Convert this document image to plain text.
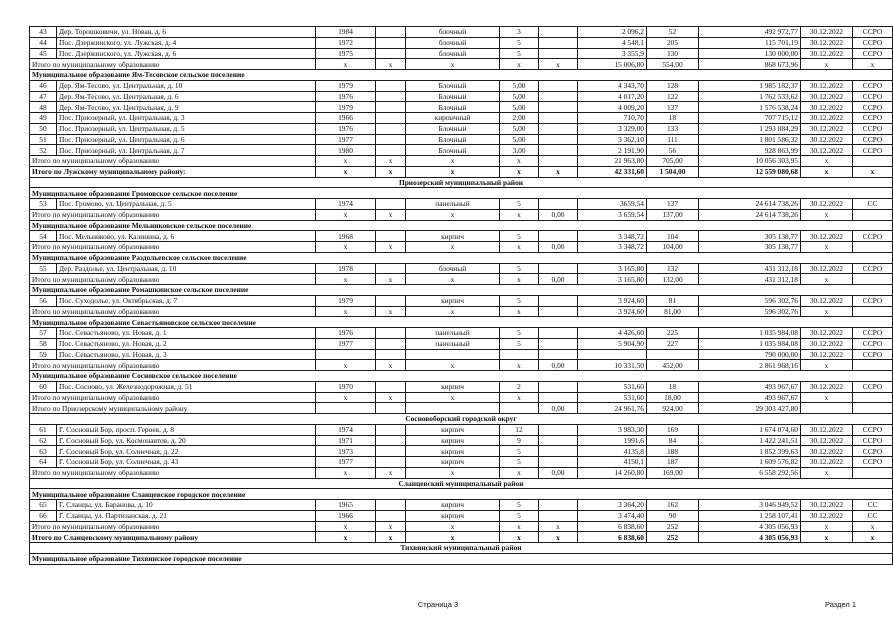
43	Дер. Торошковичи, ул. Новая, д. 6	1984		блочный	3		2 096,2	52	492 972,77	30.12.2022	ССРО
44	Пос. Дзержинского, ул. Лужская, д. 4	1972		блочный	5		4 548,1	205	115 701,19	30.12.2022	ССРО
45	Пос. Дзержинского, ул. Лужская, д. 6	1975		блочный	5		3 355,9	130	130 000,00	30.12.2022	ССРО
Итого по муниципальному образованию		х	х	х	х	х	15 006,80	554,00	868 673,96	х	х
Муниципальное образование Ям-Тесовское сельское поселение											
46	Дер. Ям-Тесово, ул. Центральная, д. 10	1979		Блочный	5,00		4 343,70	128	1 985 182,37	30.12.2022	ССРО
47	Дер. Ям-Тесово, ул. Центральная, д. 6	1976		Блочный	5,00		4 017,20	122	1 762 533,62	30.12.2022	ССРО
48	Дер. Ям-Тесово, ул. Центральная, д. 9	1979		Блочный	5,00		4 009,20	137	1 576 538,24	30.12.2022	ССРО
49	Пос. Приозерный, ул. Центральная, д. 3	1966		кирпичный	2,00		710,70	18	707 715,12	30.12.2022	ССРО
50	Пос. Приозерный, ул. Центральная, д. 5	1976		Блочный	5,00		3 329,00	133	1 293 884,29	30.12.2022	ССРО
51	Пос. Приозерный, ул. Центральная, д. 6	1977		Блочный	5,00		3 362,10	111	1 801 586,32	30.12.2022	ССРО
52	Пос. Приозерный, ул. Центральная, д. 7	1980		Блочный	3,00		2 191,90	56	928 863,99	30.12.2022	ССРО
Итого по муниципальному образованию		х	х	х	х		21 963,80	705,00	10 056 303,95	х	
Итого по Лужскому муниципальному району:		х	х	х	х	х	42 331,60	1 504,00	12 559 080,68	х	х
Приозерский муниципальный район											
Муниципальное образование Громовское сельское поселение											
53	Пос. Громово, ул. Центральная, д. 5	1974		панельный	5		3659,54	137	24 614 738,26	30.12.2022	СС
Итого по муниципальному образованию		х	х	х	х	0,00	3 659,54	137,00	24 614 738,26	х	
Муниципальное образование Мельниковское сельское поселение											
54	Пос. Мельниково, ул. Калинина, д. 6	1968		кирпич	5		3 348,72	104	305 138,77	30.12.2022	ССРО
Итого по муниципальному образованию		х	х	х	х	0,00	3 348,72	104,00	305 138,77	х	
Муниципальное образование Раздольевское сельское поселение											
55	Дер. Раздолье, ул. Центральная, д. 10	1978		блочный	5		3 165,80	132	431 312,18	30.12.2022	ССРО
Итого по муниципальному образованию		х	х	х	х	0,00	3 165,80	132,00	431 312,18	х	
Муниципальное образование Ромашкинское сельское поселение											
56	Пос. Суходолье, ул. Октябрьская, д. 7	1979		кирпич	5		3 924,60	81	596 302,76	30.12.2022	ССРО
Итого по муниципальному образованию		х	х	х	х		3 924,60	81,00	596 302,76	х	
Муниципальное образование Севастьяновское сельское поселение											
57	Пос. Севастьяново, ул. Новая, д. 1	1976		панельный	5		4 426,60	225	1 035 984,08	30.12.2022	ССРО
58	Пос. Севастьяново, ул. Новая, д. 2	1977		панельный	5		5 904,90	227	1 035 984,08	30.12.2022	ССРО
59	Пос. Севастьяново, ул. Новая, д. 3								790 000,00	30.12.2022	ССРО
Итого по муниципальному образованию		х	х	х	х	0,00	10 331,50	452,00	2 861 968,16	х	
Муниципальное образование Сосновское сельское поселение											
60	Пос. Сосново, ул. Железнодорожная, д. 51	1970		кирпич	2		531,60	18	493 967,67	30.12.2022	ССРО
Итого по муниципальному образованию		х	х	х	х		531,60	18,00	493 967,67	х	
Итого по Приозерскому муниципальному району						0,00	24 961,76	924,00	29 303 427,80		
Сосновоборский городской округ											
61	Г. Сосновый Бор, просп. Героев, д. 8	1974		кирпич	12		3 983,30	169	1 674 074,60	30.12.2022	ССРО
62	Г. Сосновый Бор, ул. Космонавтов, д. 20	1971		кирпич	9		1991,6	84	1 422 241,51	30.12.2022	ССРО
63	Г. Сосновый Бор, ул. Солнечная, д. 22	1973		кирпич	5		4135,8	188	1 852 399,63	30.12.2022	ССРО
64	Г. Сосновый Бор, ул. Солнечная, д. 43	1977		кирпич	5		4150,1	187	1 609 576,82	30.12.2022	ССРО
Итого по муниципальному образованию		х	х	х	х	0,00	14 260,80	169,00	6 558 292,56	х	
Сланцевский муниципальный район											
Муниципальное образование Сланцевское городское поселение											
65	Г. Сланцы, ул. Баранова, д. 10	1965		кирпич	5		3 364,20	162	3 046 949,52	30.12.2022	СС
66	Г. Сланцы, ул. Партизанская, д. 21	1966		кирпич	5		3 474,40	90	1 258 107,41	30.12.2022	СС
Итого по муниципальному образованию		х	х	х	х	х	6 838,60	252	4 305 056,93	х	х
Итого по Сланцевскому муниципальному району		х	х	х	х	х	6 838,60	252	4 305 056,93	х	х
Тихвинский муниципальный район											
Муниципальное образование Тихвинское городское поселение											
Страница 3	Раздел 1
